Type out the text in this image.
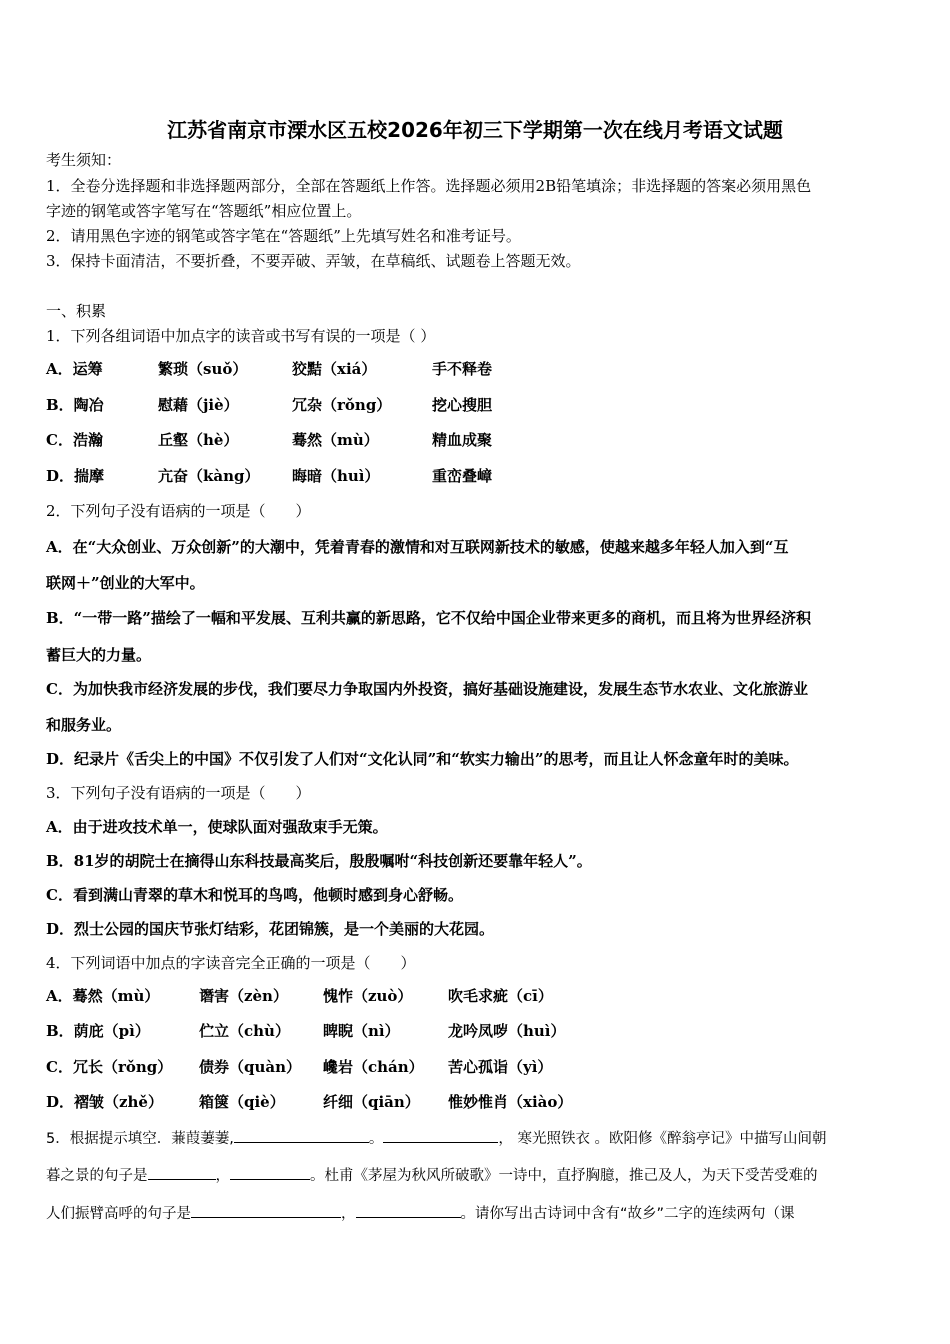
江苏省南京市溧水区五校2026年初三下学期第一次在线月考语文试题
考生须知：
1．全卷分选择题和非选择题两部分，全部在答题纸上作答。选择题必须用2B铅笔填涂；非选择题的答案必须用黑色
字迹的钢笔或答字笔写在“答题纸”相应位置上。
2．请用黑色字迹的钢笔或答字笔在“答题纸”上先填写姓名和准考证号。
3．保持卡面清洁，不要折叠，不要弄破、弄皱，在草稿纸、试题卷上答题无效。
一、积累
1．下列各组词语中加点字的读音或书写有误的一项是（ ）
A．运筹	繁琐（suǒ）	狡黠（xiá）	手不释卷
B．陶冶	慰藉（jiè）	冗杂（rǒng）	挖心搜胆
C．浩瀚	丘壑（hè）	蓦然（mù）	精血成聚
D．揣摩	亢奋（kàng） 晦暗（huì）	重峦叠嶂
2．下列句子没有语病的一项是（　　）
A．在“大众创业、万众创新”的大潮中，凭着青春的激情和对互联网新技术的敏感，使越来越多年轻人加入到“互
联网＋”创业的大军中。
B．“一带一路”描绘了一幅和平发展、互利共赢的新思路，它不仅给中国企业带来更多的商机，而且将为世界经济积
蓄巨大的力量。
C．为加快我市经济发展的步伐，我们要尽力争取国内外投资，搞好基础设施建设，发展生态节水农业、文化旅游业
和服务业。
D．纪录片《舌尖上的中国》不仅引发了人们对“文化认同”和“软实力输出”的思考，而且让人怀念童年时的美味。
3．下列句子没有语病的一项是（　　）
A．由于进攻技术单一，使球队面对强敌束手无策。
B．81岁的胡院士在摘得山东科技最高奖后，殷殷嘱咐“科技创新还要靠年轻人”。
C．看到满山青翠的草木和悦耳的鸟鸣，他顿时感到身心舒畅。
D．烈士公园的国庆节张灯结彩，花团锦簇，是一个美丽的大花园。
4．下列词语中加点的字读音完全正确的一项是（　　）
A．蓦然（mù）	谮害（zèn） 愧怍（zuò） 吹毛求疵（cī）
B．荫庇（pì）	伫立（chù） 睥睨（nì）	龙吟凤哕（huì）
C．冗长（rǒng） 债券（quàn） 巉岩（chán） 苦心孤诣（yì）
D．褶皱（zhě） 箱箧（qiè）	纤细（qiān） 惟妙惟肖（xiào）
5．根据提示填空．蒹葭萋萋,	。	， 寒光照铁衣 。欧阳修《醉翁亭记》中描写山间朝
暮之景的句子是	，	。杜甫《茅屋为秋风所破歌》一诗中，直抒胸臆，推己及人，为天下受苦受难的
人们振臂高呼的句子是	，	。请你写出古诗词中含有“故乡”二字的连续两句（课
